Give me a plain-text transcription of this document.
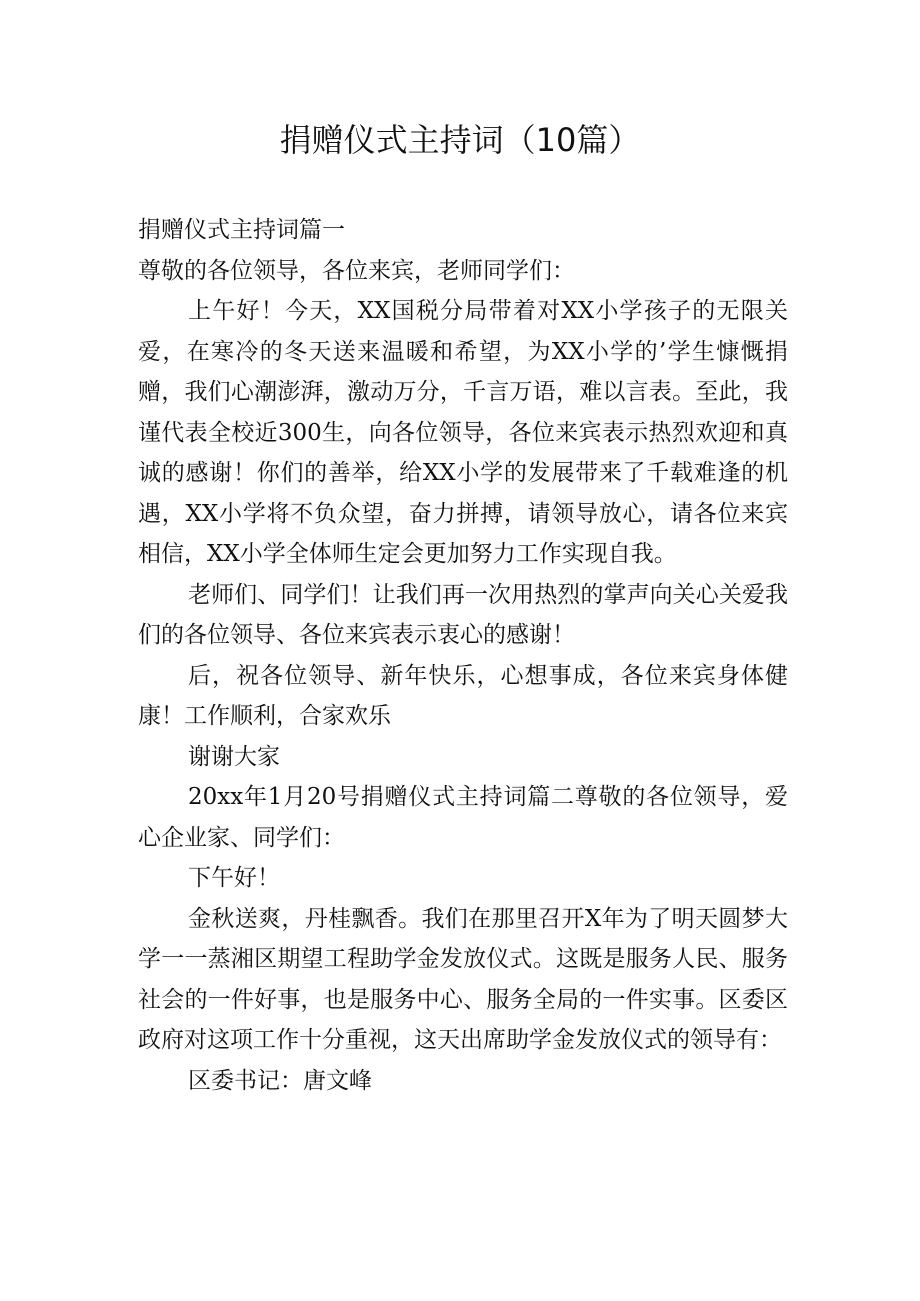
捐赠仪式主持词（10篇）

捐赠仪式主持词篇一

尊敬的各位领导，各位来宾，老师同学们：

上午好！今天，XX国税分局带着对XX小学孩子的无限关爱，在寒冷的冬天送来温暖和希望，为XX小学的’学生慷慨捐赠，我们心潮澎湃，激动万分，千言万语，难以言表。至此，我谨代表全校近300生，向各位领导，各位来宾表示热烈欢迎和真诚的感谢！你们的善举，给XX小学的发展带来了千载难逢的机遇，XX小学将不负众望，奋力拼搏，请领导放心，请各位来宾相信，XX小学全体师生定会更加努力工作实现自我。

老师们、同学们！让我们再一次用热烈的掌声向关心关爱我们的各位领导、各位来宾表示衷心的感谢！

后，祝各位领导、新年快乐，心想事成，各位来宾身体健康！工作顺利，合家欢乐

谢谢大家

20xx年1月20号捐赠仪式主持词篇二尊敬的各位领导，爱心企业家、同学们：

下午好！

金秋送爽，丹桂飘香。我们在那里召开X年为了明天圆梦大学一一蒸湘区期望工程助学金发放仪式。这既是服务人民、服务社会的一件好事，也是服务中心、服务全局的一件实事。区委区政府对这项工作十分重视，这天出席助学金发放仪式的领导有：

区委书记：唐文峰
